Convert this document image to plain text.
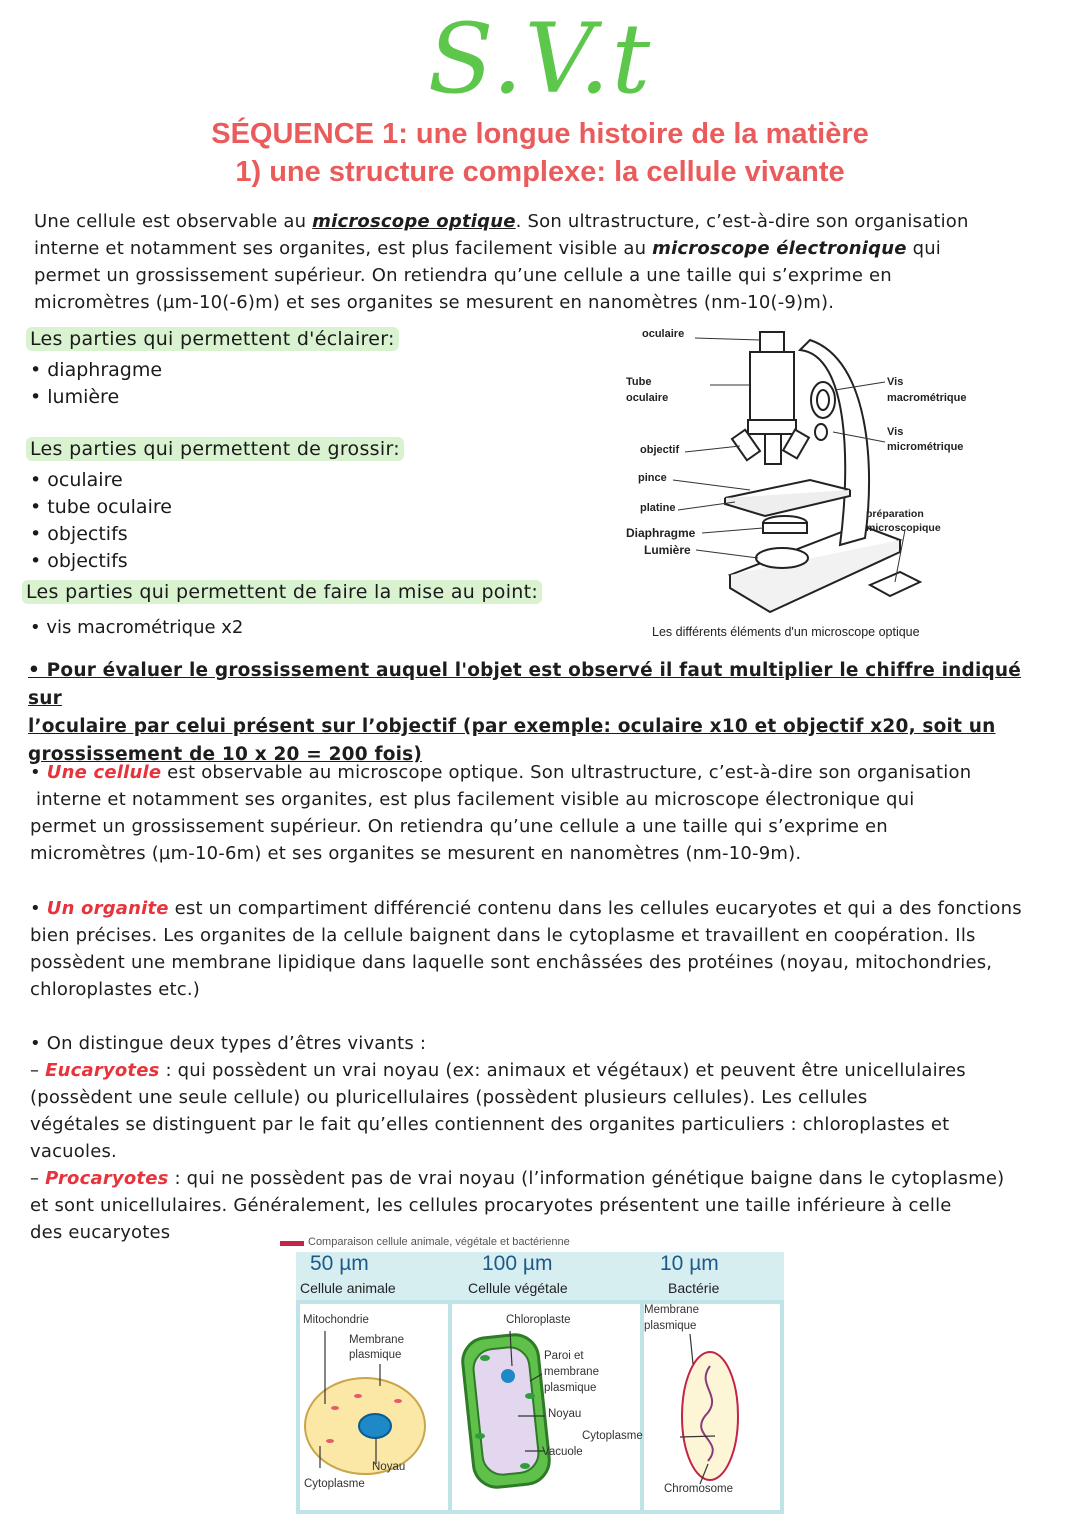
S.V.t
SÉQUENCE 1: une longue histoire de la matière
1) une structure complexe: la cellule vivante
Une cellule est observable au microscope optique. Son ultrastructure, c’est-à-dire son organisation
interne et notamment ses organites, est plus facilement visible au microscope électronique qui
permet un grossissement supérieur. On retiendra qu’une cellule a une taille qui s’exprime en
micromètres (µm-10(-6)m) et ses organites se mesurent en nanomètres (nm-10(-9)m).
Les parties qui permettent d'éclairer:
• diaphragme
• lumière
Les parties qui permettent de grossir:
• oculaire
• tube oculaire
• objectifs
• objectifs
Les parties qui permettent de faire la mise au point:
• vis macrométrique x2
oculaire
Tube
oculaire
objectif
pince
platine
Diaphragme
Lumière
Vis
macrométrique
Vis
micrométrique
préparation
microscopique
Les différents éléments d'un microscope optique
• Pour évaluer le grossissement auquel l'objet est observé il faut multiplier le chiffre indiqué sur
l’oculaire par celui présent sur l’objectif (par exemple: oculaire x10 et objectif x20, soit un
grossissement de 10 x 20 = 200 fois)
• Une cellule est observable au microscope optique. Son ultrastructure, c’est-à-dire son organisation
interne et notamment ses organites, est plus facilement visible au microscope électronique qui
permet un grossissement supérieur. On retiendra qu’une cellule a une taille qui s’exprime en
micromètres (µm-10-6m) et ses organites se mesurent en nanomètres (nm-10-9m).
• Un organite est un compartiment différencié contenu dans les cellules eucaryotes et qui a des fonctions
bien précises. Les organites de la cellule baignent dans le cytoplasme et travaillent en coopération. Ils
possèdent une membrane lipidique dans laquelle sont enchâssées des protéines (noyau, mitochondries,
chloroplastes etc.)
• On distingue deux types d’êtres vivants :
– Eucaryotes : qui possèdent un vrai noyau (ex: animaux et végétaux) et peuvent être unicellulaires
(possèdent une seule cellule) ou pluricellulaires (possèdent plusieurs cellules). Les cellules
végétales se distinguent par le fait qu’elles contiennent des organites particuliers : chloroplastes et
vacuoles.
– Procaryotes : qui ne possèdent pas de vrai noyau (l’information génétique baigne dans le cytoplasme)
et sont unicellulaires. Généralement, les cellules procaryotes présentent une taille inférieure à celle
des eucaryotes	Comparaison cellule animale, végétale et bactérienne
50 µm
Cellule animale
100 µm
Cellule végétale
10 µm
Bactérie
Mitochondrie
Membrane
plasmique
Noyau
Cytoplasme
Chloroplaste
Paroi et
membrane
plasmique
Noyau
Vacuole
Membrane
plasmique
Cytoplasme
Chromosome
